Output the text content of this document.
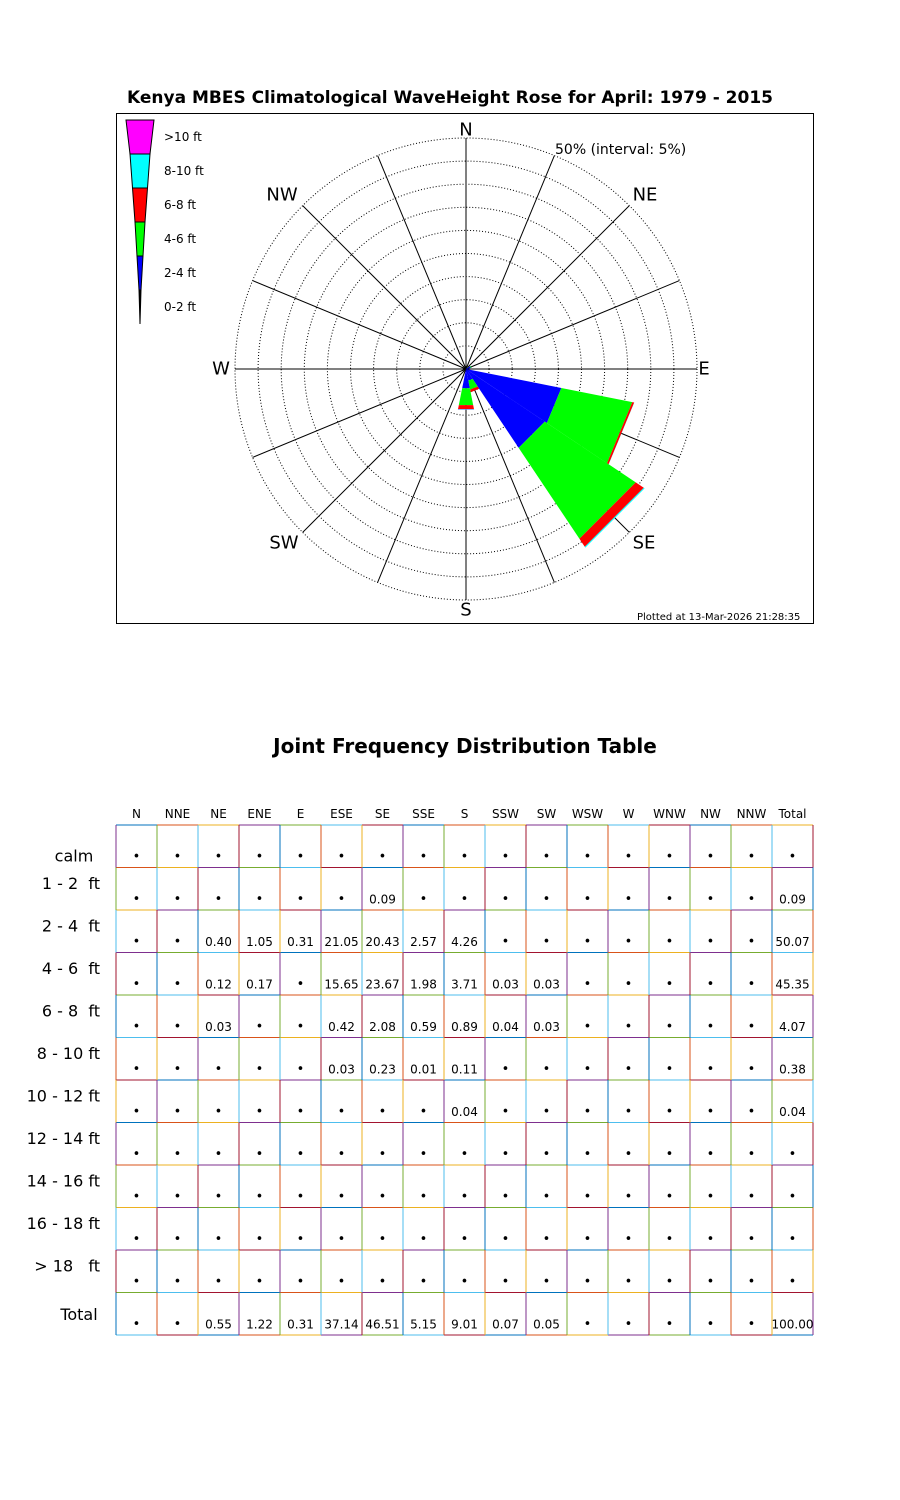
Kenya MBES Climatological WaveHeight Rose for April: 1979 - 2015
N
E
S
W
NE
SE
SW
NW
50% (interval: 5%)
>10 ft
8-10 ft
6-8 ft
4-6 ft
2-4 ft
0-2 ft
Plotted at 13-Mar-2026 21:28:35
Joint Frequency Distribution Table
N NNE NE ENE E ESE SE SSE S SSW SW WSW W WNW NW NNW Total
calm	•	•	•	•	•	•	•	•	•	•	•	•	•	•	•	•	•
1 - 2  ft
•	•	•	•	•	• 0.09 •	•	•	•	•	•	•	•	• 0.09
2 - 4  ft
•	• 0.40 1.05 0.31 21.05 20.43 2.57 4.26 •	•	•	•	•	•	• 50.07
4 - 6  ft
•	• 0.12 0.17 • 15.65 23.67 1.98 3.71 0.03 0.03 •	•	•	•	• 45.35
6 - 8  ft
•	• 0.03 •	• 0.42 2.08 0.59 0.89 0.04 0.03 •	•	•	•	• 4.07
8 - 10 ft
•	•	•	•	• 0.03 0.23 0.01 0.11 •	•	•	•	•	•	• 0.38
10 - 12 ft
•	•	•	•	•	•	•	• 0.04 •	•	•	•	•	•	• 0.04
12 - 14 ft
•	•	•	•	•	•	•	•	•	•	•	•	•	•	•	•	•
14 - 16 ft
•	•	•	•	•	•	•	•	•	•	•	•	•	•	•	•	•
16 - 18 ft
•	•	•	•	•	•	•	•	•	•	•	•	•	•	•	•	•
> 18   ft
•	•	•	•	•	•	•	•	•	•	•	•	•	•	•	•	•
Total
•	• 0.55 1.22 0.31 37.14 46.51 5.15 9.01 0.07 0.05 •	•	•	•	• 100.00
